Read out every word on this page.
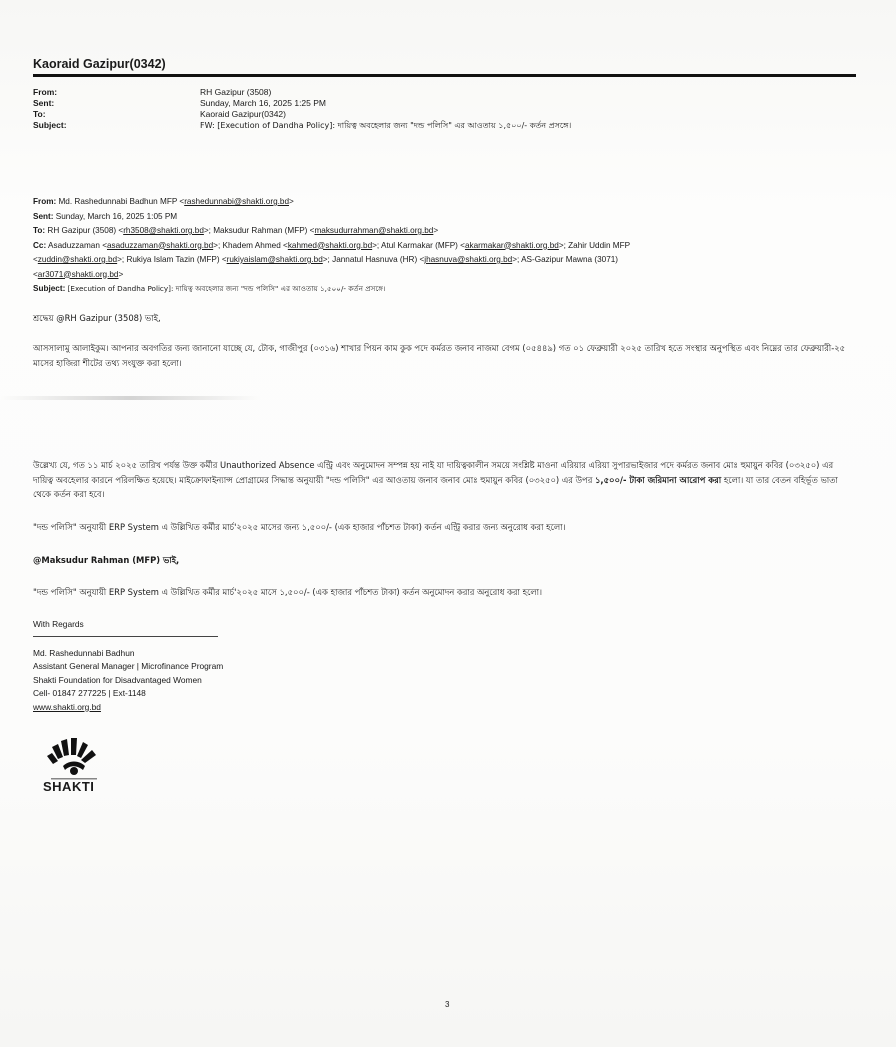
Kaoraid Gazipur(0342)
From:	RH Gazipur (3508)
Sent:	Sunday, March 16, 2025 1:25 PM
To:	Kaoraid Gazipur(0342)
Subject:	FW: [Execution of Dandha Policy]: দায়িত্ব অবহেলার জন্য "দন্ড পলিসি" এর আওতায় ১,৫০০/- কর্তন প্রসঙ্গে।
From: Md. Rashedunnabi Badhun MFP <rashedunnabi@shakti.org.bd>
Sent: Sunday, March 16, 2025 1:05 PM
To: RH Gazipur (3508) <rh3508@shakti.org.bd>; Maksudur Rahman (MFP) <maksudurrahman@shakti.org.bd>
Cc: Asaduzzaman <asaduzzaman@shakti.org.bd>; Khadem Ahmed <kahmed@shakti.org.bd>; Atul Karmakar (MFP) <akarmakar@shakti.org.bd>; Zahir Uddin MFP
<zuddin@shakti.org.bd>; Rukiya Islam Tazin (MFP) <rukiyaislam@shakti.org.bd>; Jannatul Hasnuva (HR) <jhasnuva@shakti.org.bd>; AS-Gazipur Mawna (3071)
<ar3071@shakti.org.bd>
Subject: [Execution of Dandha Policy]: দায়িত্ব অবহেলার জন্য "দন্ড পলিসি" এর আওতায় ১,৫০০/- কর্তন প্রসঙ্গে।
শ্রদ্ধেয় @RH Gazipur (3508) ভাই,
আসসালামু আলাইকুম। আপনার অবগতির জন্য জানানো যাচ্ছে যে, টোক, গাজীপুর (০৩১৬) শাখার পিয়ন কাম কুক পদে কর্মরত জনাব নাজমা বেগম (০৫৪৪৯) গত ০১ ফেব্রুয়ারী ২০২৫ তারিখ হতে সংস্থার অনুপস্থিত এবং নিম্নের তার ফেব্রুয়ারী-২৫ মাসের হাজিরা শীটের তথ্য সংযুক্ত করা হলো।
উল্লেখ্য যে, গত ১১ মার্চ ২০২৫ তারিখ পর্যন্ত উক্ত কর্মীর Unauthorized Absence এন্ট্রি এবং অনুমোদন সম্পন্ন হয় নাই যা দায়িত্বকালীন সময়ে সংশ্লিষ্ট মাওনা এরিয়ার এরিয়া সুপারভাইজার পদে কর্মরত জনাব মোঃ হুমায়ুন কবির (০৩২৫০) এর দায়িত্ব অবহেলার কারনে পরিলক্ষিত হয়েছে। মাইক্রোফাইন্যান্স প্রোগ্রামের সিদ্ধান্ত অনুযায়ী "দন্ড পলিসি" এর আওতায় জনাব জনাব মোঃ হুমায়ুন কবির (০৩২৫০) এর উপর ১,৫০০/- টাকা জরিমানা আরোপ করা হলো। যা তার বেতন বহির্ভূত ভাতা থেকে কর্তন করা হবে।
"দন্ড পলিসি" অনুযায়ী ERP System এ উল্লিখিত কর্মীর মার্চ'২০২৫ মাসের জন্য ১,৫০০/- (এক হাজার পাঁচশত টাকা) কর্তন এন্ট্রি করার জন্য অনুরোধ করা হলো।
@Maksudur Rahman (MFP) ভাই,
"দন্ড পলিসি" অনুযায়ী ERP System এ উল্লিখিত কর্মীর মার্চ'২০২৫ মাসে ১,৫০০/- (এক হাজার পাঁচশত টাকা) কর্তন অনুমোদন করার অনুরোধ করা হলো।
With Regards
Md. Rashedunnabi Badhun
Assistant General Manager | Microfinance Program
Shakti Foundation for Disadvantaged Women
Cell- 01847 277225 | Ext-1148
www.shakti.org.bd
SHAKTI
3
